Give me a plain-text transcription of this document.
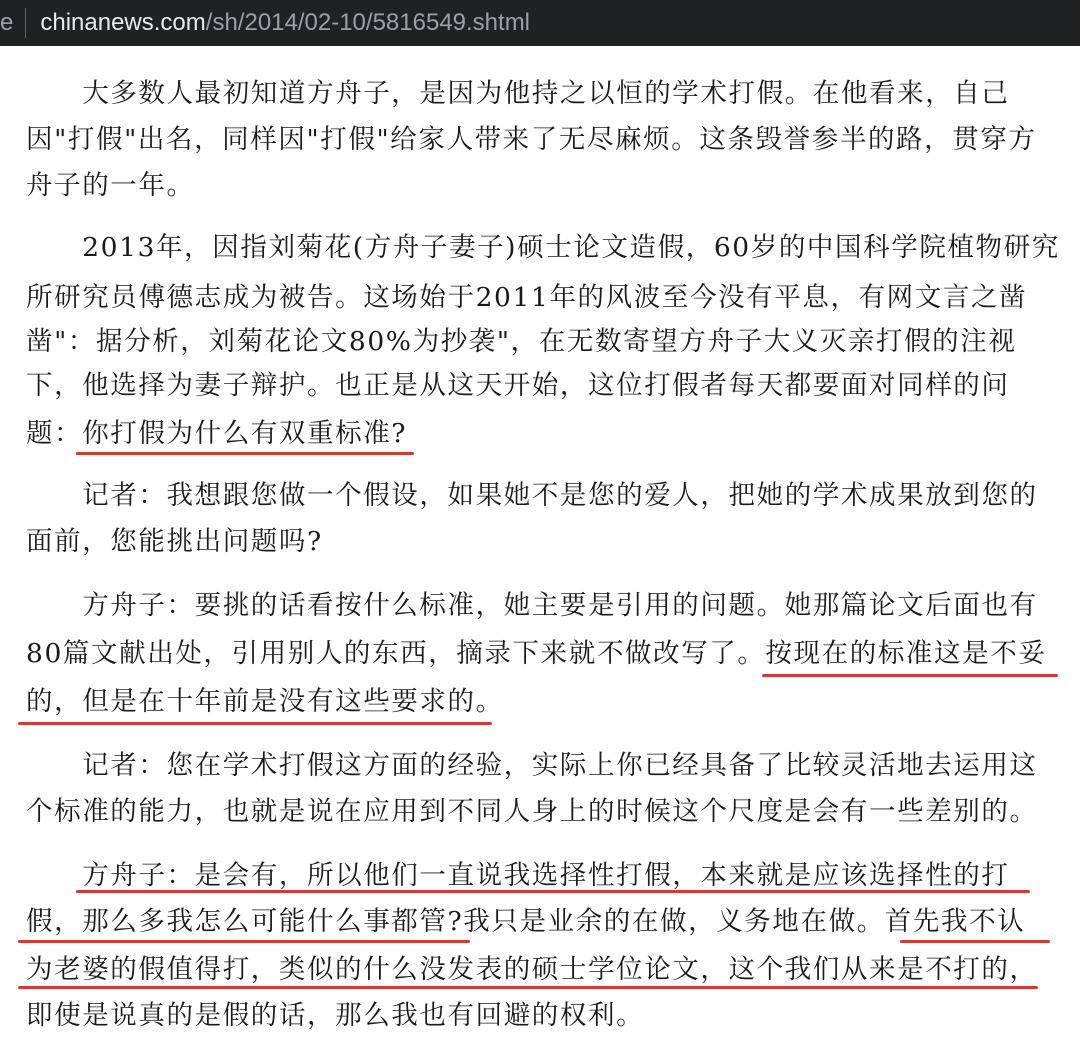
e chinanews.com /sh/2014/02-10/5816549.shtml
　　大多数人最初知道方舟子，是因为他持之以恒的学术打假。在他看来，自己
因"打假"出名，同样因"打假"给家人带来了无尽麻烦。这条毁誉参半的路，贯穿方
舟子的一年。
　　2013年，因指刘菊花(方舟子妻子)硕士论文造假，60岁的中国科学院植物研究
所研究员傅德志成为被告。这场始于2011年的风波至今没有平息，有网文言之凿
凿"：据分析，刘菊花论文80%为抄袭"，在无数寄望方舟子大义灭亲打假的注视
下，他选择为妻子辩护。也正是从这天开始，这位打假者每天都要面对同样的问
题：你打假为什么有双重标准?
　　记者：我想跟您做一个假设，如果她不是您的爱人，把她的学术成果放到您的
面前，您能挑出问题吗?
　　方舟子：要挑的话看按什么标准，她主要是引用的问题。她那篇论文后面也有
80篇文献出处，引用别人的东西，摘录下来就不做改写了。按现在的标准这是不妥
的，但是在十年前是没有这些要求的。
　　记者：您在学术打假这方面的经验，实际上你已经具备了比较灵活地去运用这
个标准的能力，也就是说在应用到不同人身上的时候这个尺度是会有一些差别的。
　　方舟子：是会有，所以他们一直说我选择性打假，本来就是应该选择性的打
假，那么多我怎么可能什么事都管?我只是业余的在做，义务地在做。首先我不认
为老婆的假值得打，类似的什么没发表的硕士学位论文，这个我们从来是不打的，
即使是说真的是假的话，那么我也有回避的权利。
